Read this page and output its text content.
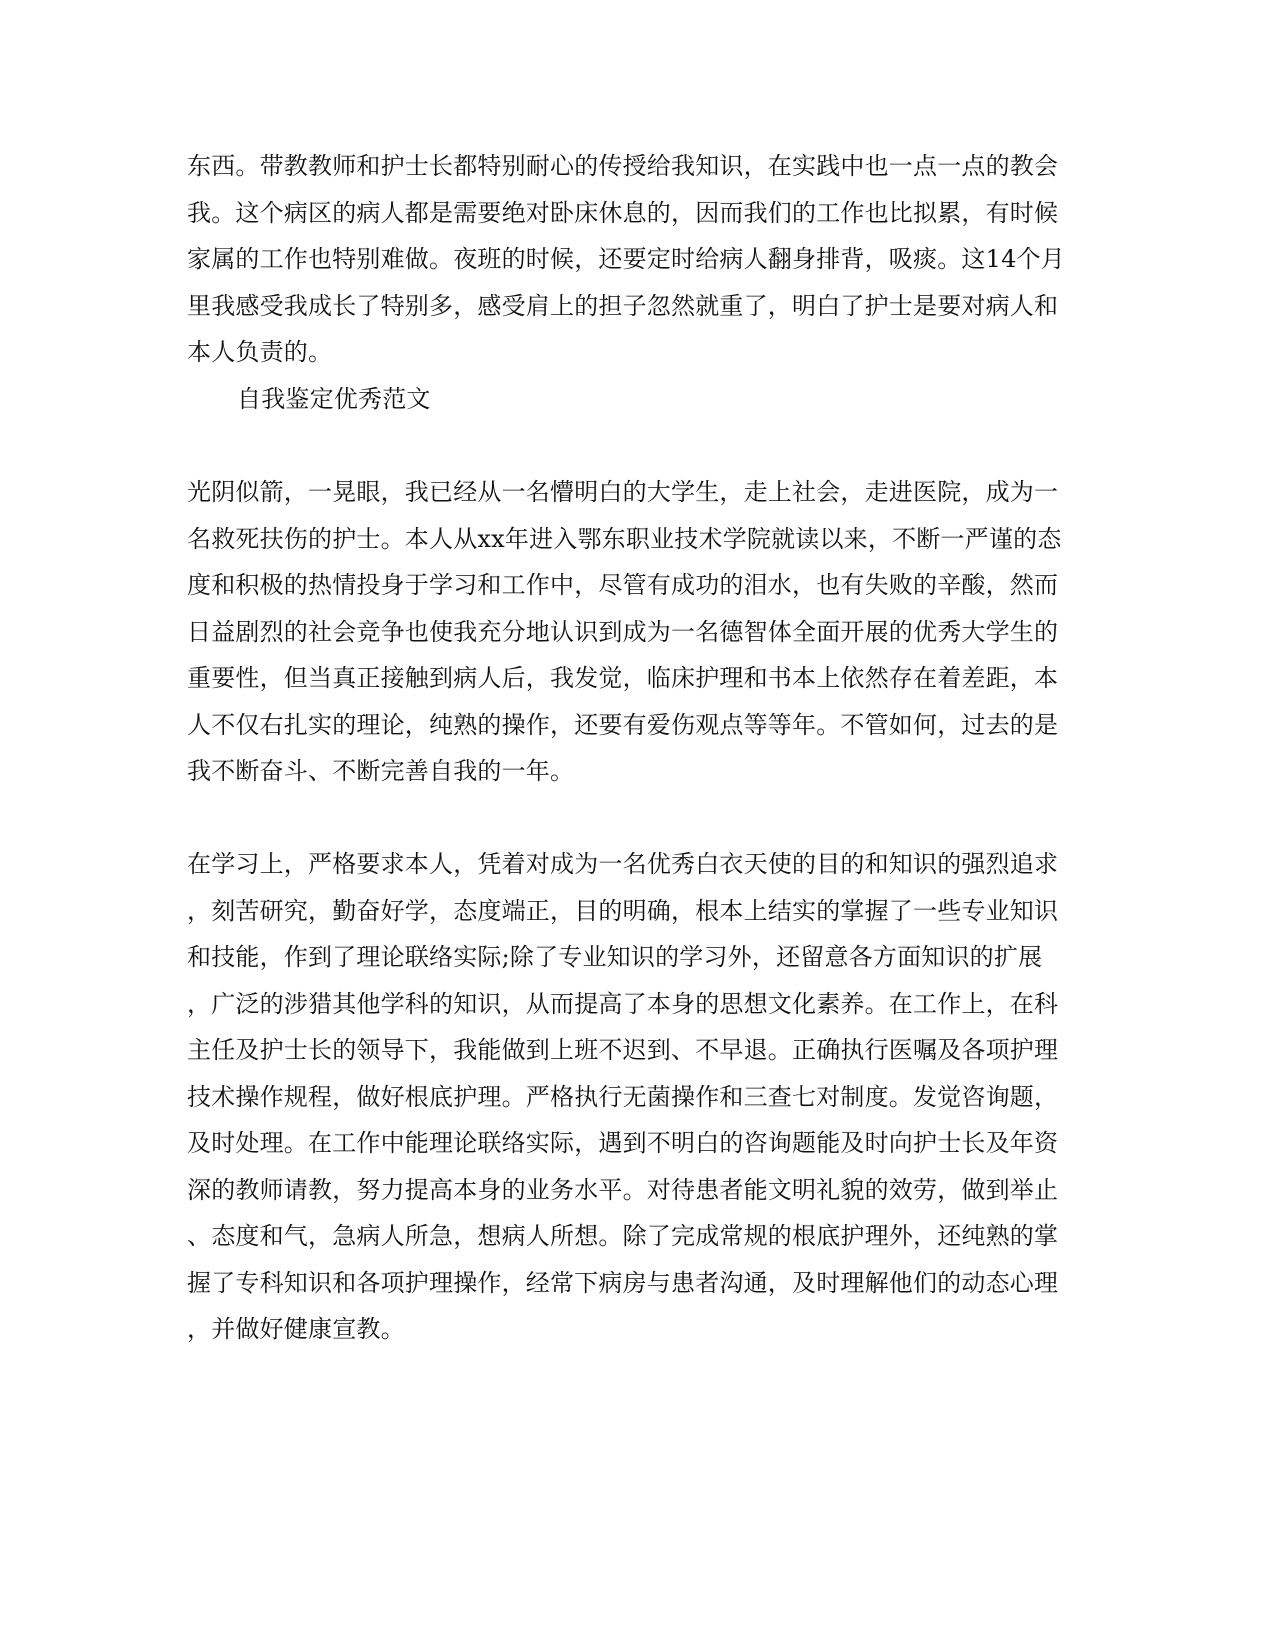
东西。带教教师和护士长都特别耐心的传授给我知识，在实践中也一点一点的教会
我。这个病区的病人都是需要绝对卧床休息的，因而我们的工作也比拟累，有时候
家属的工作也特别难做。夜班的时候，还要定时给病人翻身排背，吸痰。这14个月
里我感受我成长了特别多，感受肩上的担子忽然就重了，明白了护士是要对病人和
本人负责的。
自我鉴定优秀范文
光阴似箭，一晃眼，我已经从一名懵明白的大学生，走上社会，走进医院，成为一
名救死扶伤的护士。本人从xx年进入鄂东职业技术学院就读以来，不断一严谨的态
度和积极的热情投身于学习和工作中，尽管有成功的泪水，也有失败的辛酸，然而
日益剧烈的社会竞争也使我充分地认识到成为一名德智体全面开展的优秀大学生的
重要性，但当真正接触到病人后，我发觉，临床护理和书本上依然存在着差距，本
人不仅右扎实的理论，纯熟的操作，还要有爱伤观点等等年。不管如何，过去的是
我不断奋斗、不断完善自我的一年。
在学习上，严格要求本人，凭着对成为一名优秀白衣天使的目的和知识的强烈追求
，刻苦研究，勤奋好学，态度端正，目的明确，根本上结实的掌握了一些专业知识
和技能，作到了理论联络实际;除了专业知识的学习外，还留意各方面知识的扩展
，广泛的涉猎其他学科的知识，从而提高了本身的思想文化素养。在工作上，在科
主任及护士长的领导下，我能做到上班不迟到、不早退。正确执行医嘱及各项护理
技术操作规程，做好根底护理。严格执行无菌操作和三查七对制度。发觉咨询题，
及时处理。在工作中能理论联络实际，遇到不明白的咨询题能及时向护士长及年资
深的教师请教，努力提高本身的业务水平。对待患者能文明礼貌的效劳，做到举止
、态度和气，急病人所急，想病人所想。除了完成常规的根底护理外，还纯熟的掌
握了专科知识和各项护理操作，经常下病房与患者沟通，及时理解他们的动态心理
，并做好健康宣教。
